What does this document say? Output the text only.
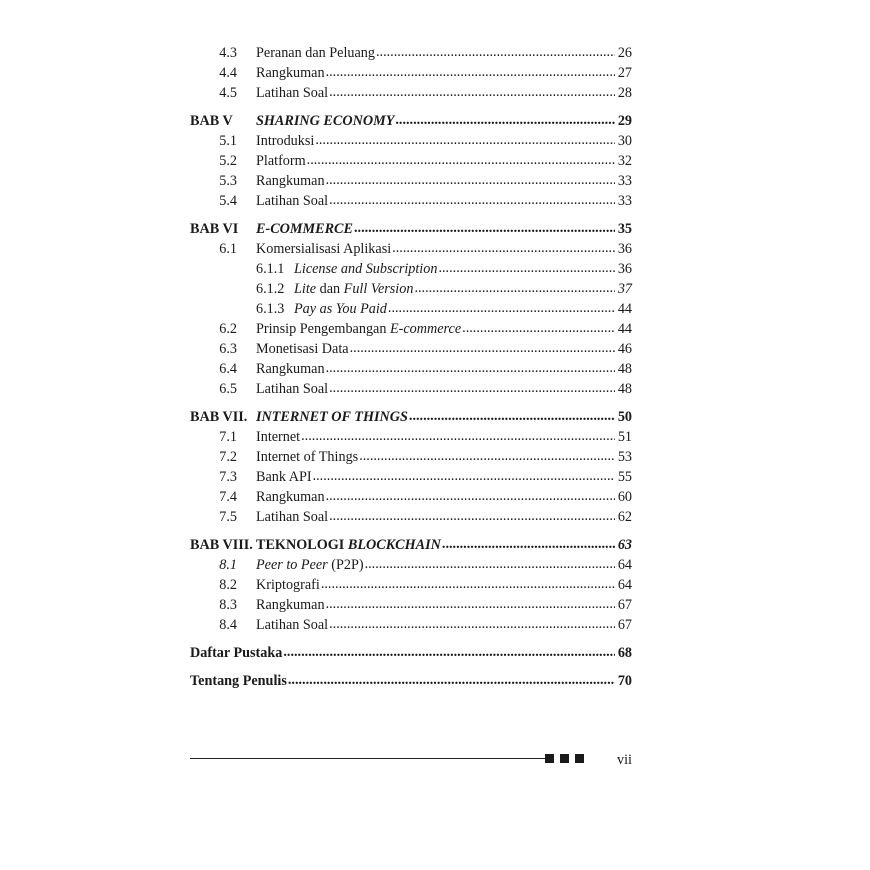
4.3 Peranan dan Peluang .....	26
4.4 Rangkuman .....	27
4.5 Latihan Soal .....	28
BAB V	SHARING ECONOMY .....	29
5.1 Introduksi .....	30
5.2 Platform .....	32
5.3 Rangkuman .....	33
5.4 Latihan Soal .....	33
BAB VI	E-COMMERCE .....	35
6.1 Komersialisasi Aplikasi .....	36
6.1.1 License and Subscription .....	36
6.1.2 Lite dan Full Version .....	37
6.1.3 Pay as You Paid .....	44
6.2 Prinsip Pengembangan E-commerce .....	44
6.3 Monetisasi Data .....	46
6.4 Rangkuman .....	48
6.5 Latihan Soal .....	48
BAB VII. INTERNET OF THINGS .....	50
7.1 Internet .....	51
7.2 Internet of Things .....	53
7.3 Bank API .....	55
7.4 Rangkuman .....	60
7.5 Latihan Soal .....	62
BAB VIII. TEKNOLOGI BLOCKCHAIN .....	63
8.1 Peer to Peer (P2P) .....	64
8.2 Kriptografi .....	64
8.3 Rangkuman .....	67
8.4 Latihan Soal .....	67
Daftar Pustaka .....	68
Tentang Penulis .....	70
vii
